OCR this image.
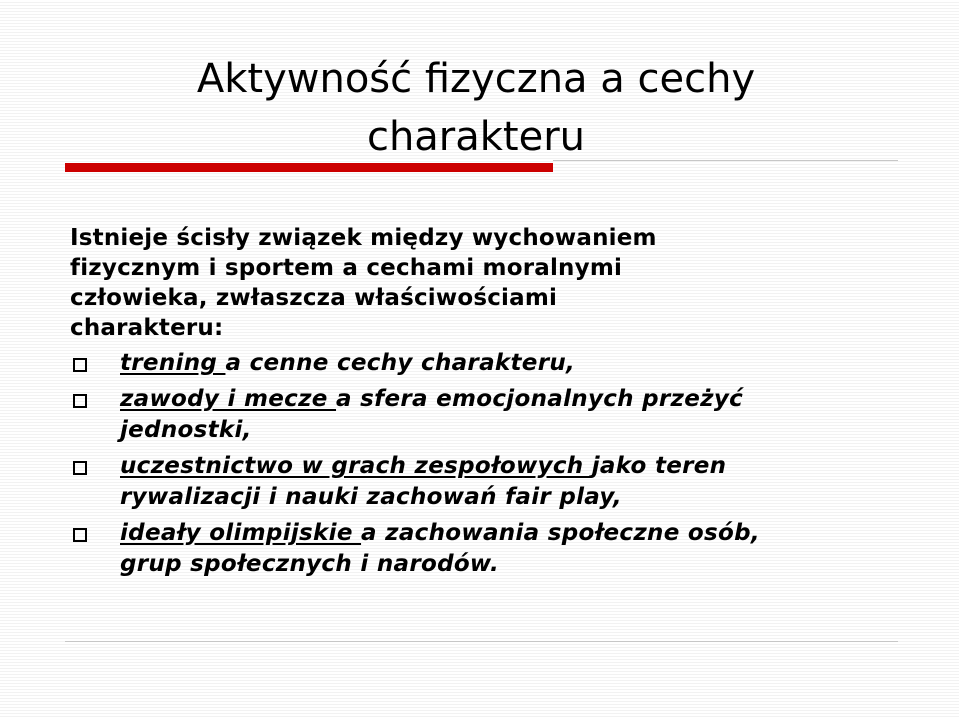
Aktywność fizyczna a cechy
charakteru

Istnieje ścisły związek między wychowaniem
fizycznym i sportem a cechami moralnymi
człowieka, zwłaszcza właściwościami
charakteru:

trening a cenne cechy charakteru,
zawody i mecze a sfera emocjonalnych przeżyć
jednostki,
uczestnictwo w grach zespołowych jako teren
rywalizacji i nauki zachowań fair play,
ideały olimpijskie a zachowania społeczne osób,
grup społecznych i narodów.
